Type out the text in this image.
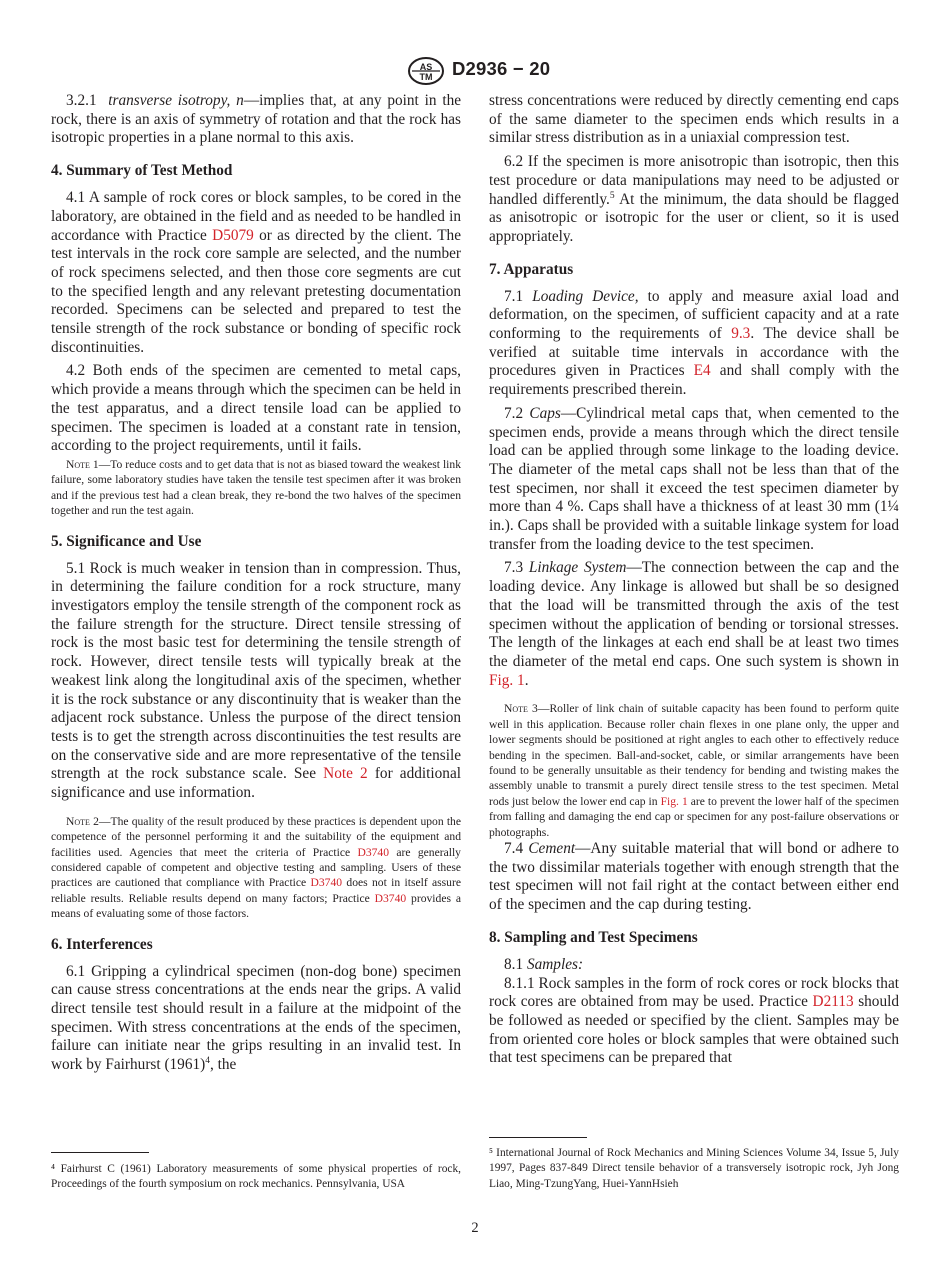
AS
TM D2936 − 20

3.2.1 transverse isotropy, n—implies that, at any point in the rock, there is an axis of symmetry of rotation and that the rock has isotropic properties in a plane normal to this axis.

4. Summary of Test Method

4.1 A sample of rock cores or block samples, to be cored in the laboratory, are obtained in the field and as needed to be handled in accordance with Practice D5079 or as directed by the client. The test intervals in the rock core sample are selected, and the number of rock specimens selected, and then those core segments are cut to the specified length and any relevant pretesting documentation recorded. Specimens can be selected and prepared to test the tensile strength of the rock substance or bonding of specific rock discontinuities.

4.2 Both ends of the specimen are cemented to metal caps, which provide a means through which the specimen can be held in the test apparatus, and a direct tensile load can be applied to specimen. The specimen is loaded at a constant rate in tension, according to the project requirements, until it fails.

Note 1—To reduce costs and to get data that is not as biased toward the weakest link failure, some laboratory studies have taken the tensile test specimen after it was broken and if the previous test had a clean break, they re-bond the two halves of the specimen together and run the test again.

5. Significance and Use

5.1 Rock is much weaker in tension than in compression. Thus, in determining the failure condition for a rock structure, many investigators employ the tensile strength of the component rock as the failure strength for the structure. Direct tensile stressing of rock is the most basic test for determining the tensile strength of rock. However, direct tensile tests will typically break at the weakest link along the longitudinal axis of the specimen, whether it is the rock substance or any discontinuity that is weaker than the adjacent rock substance. Unless the purpose of the direct tension tests is to get the strength across discontinuities the test results are on the conservative side and are more representative of the tensile strength at the rock substance scale. See Note 2 for additional significance and use information.

Note 2—The quality of the result produced by these practices is dependent upon the competence of the personnel performing it and the suitability of the equipment and facilities used. Agencies that meet the criteria of Practice D3740 are generally considered capable of competent and objective testing and sampling. Users of these practices are cautioned that compliance with Practice D3740 does not in itself assure reliable results. Reliable results depend on many factors; Practice D3740 provides a means of evaluating some of those factors.

6. Interferences

6.1 Gripping a cylindrical specimen (non-dog bone) specimen can cause stress concentrations at the ends near the grips. A valid direct tensile test should result in a failure at the midpoint of the specimen. With stress concentrations at the ends of the specimen, failure can initiate near the grips resulting in an invalid test. In work by Fairhurst $(1961)^4$, the

stress concentrations were reduced by directly cementing end caps of the same diameter to the specimen ends which results in a similar stress distribution as in a uniaxial compression test.

6.2 If the specimen is more anisotropic than isotropic, then this test procedure or data manipulations may need to be adjusted or handled differently.$^5$ At the minimum, the data should be flagged as anisotropic or isotropic for the user or client, so it is used appropriately.

7. Apparatus

7.1 Loading Device, to apply and measure axial load and deformation, on the specimen, of sufficient capacity and at a rate conforming to the requirements of 9.3. The device shall be verified at suitable time intervals in accordance with the procedures given in Practices E4 and shall comply with the requirements prescribed therein.

7.2 Caps—Cylindrical metal caps that, when cemented to the specimen ends, provide a means through which the direct tensile load can be applied through some linkage to the loading device. The diameter of the metal caps shall not be less than that of the test specimen, nor shall it exceed the test specimen diameter by more than 4 %. Caps shall have a thickness of at least 30 mm (1¼ in.). Caps shall be provided with a suitable linkage system for load transfer from the loading device to the test specimen.

7.3 Linkage System—The connection between the cap and the loading device. Any linkage is allowed but shall be so designed that the load will be transmitted through the axis of the test specimen without the application of bending or torsional stresses. The length of the linkages at each end shall be at least two times the diameter of the metal end caps. One such system is shown in Fig. 1.

Note 3—Roller of link chain of suitable capacity has been found to perform quite well in this application. Because roller chain flexes in one plane only, the upper and lower segments should be positioned at right angles to each other to effectively reduce bending in the specimen. Ball-and-socket, cable, or similar arrangements have been found to be generally unsuitable as their tendency for bending and twisting makes the assembly unable to transmit a purely direct tensile stress to the test specimen. Metal rods just below the lower end cap in Fig. 1 are to prevent the lower half of the specimen from falling and damaging the end cap or specimen for any post-failure observations or photographs.

7.4 Cement—Any suitable material that will bond or adhere to the two dissimilar materials together with enough strength that the test specimen will not fail right at the contact between either end of the specimen and the cap during testing.

8. Sampling and Test Specimens

8.1 Samples:

8.1.1 Rock samples in the form of rock cores or rock blocks that rock cores are obtained from may be used. Practice D2113 should be followed as needed or specified by the client. Samples may be from oriented core holes or block samples that were obtained such that test specimens can be prepared that

⁴ Fairhurst C (1961) Laboratory measurements of some physical properties of rock, Proceedings of the fourth symposium on rock mechanics. Pennsylvania, USA
⁵ International Journal of Rock Mechanics and Mining Sciences Volume 34, Issue 5, July 1997, Pages 837-849 Direct tensile behavior of a transversely isotropic rock, Jyh Jong Liao, Ming-TzungYang, Huei-YannHsieh
2
